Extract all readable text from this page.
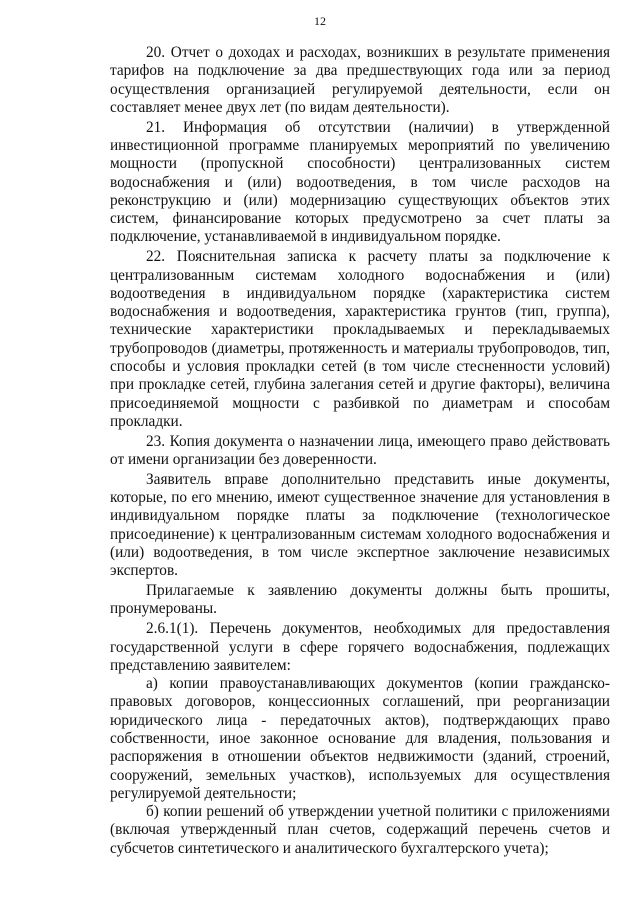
12

20. Отчет о доходах и расходах, возникших в результате применения тарифов на подключение за два предшествующих года или за период осуществления организацией регулируемой деятельности, если он составляет менее двух лет (по видам деятельности).

21. Информация об отсутствии (наличии) в утвержденной инвестиционной программе планируемых мероприятий по увеличению мощности (пропускной способности) централизованных систем водоснабжения и (или) водоотведения, в том числе расходов на реконструкцию и (или) модернизацию существующих объектов этих систем, финансирование которых предусмотрено за счет платы за подключение, устанавливаемой в индивидуальном порядке.

22. Пояснительная записка к расчету платы за подключение к централизованным системам холодного водоснабжения и (или) водоотведения в индивидуальном порядке (характеристика систем водоснабжения и водоотведения, характеристика грунтов (тип, группа), технические характеристики прокладываемых и перекладываемых трубопроводов (диаметры, протяженность и материалы трубопроводов, тип, способы и условия прокладки сетей (в том числе стесненности условий) при прокладке сетей, глубина залегания сетей и другие факторы), величина присоединяемой мощности с разбивкой по диаметрам и способам прокладки.

23. Копия документа о назначении лица, имеющего право действовать от имени организации без доверенности.

Заявитель вправе дополнительно представить иные документы, которые, по его мнению, имеют существенное значение для установления в индивидуальном порядке платы за подключение (технологическое присоединение) к централизованным системам холодного водоснабжения и (или) водоотведения, в том числе экспертное заключение независимых экспертов.

Прилагаемые к заявлению документы должны быть прошиты, пронумерованы.

2.6.1(1). Перечень документов, необходимых для предоставления государственной услуги в сфере горячего водоснабжения, подлежащих представлению заявителем:

а) копии правоустанавливающих документов (копии гражданско-правовых договоров, концессионных соглашений, при реорганизации юридического лица - передаточных актов), подтверждающих право собственности, иное законное основание для владения, пользования и распоряжения в отношении объектов недвижимости (зданий, строений, сооружений, земельных участков), используемых для осуществления регулируемой деятельности;

б) копии решений об утверждении учетной политики с приложениями (включая утвержденный план счетов, содержащий перечень счетов и субсчетов синтетического и аналитического бухгалтерского учета);
